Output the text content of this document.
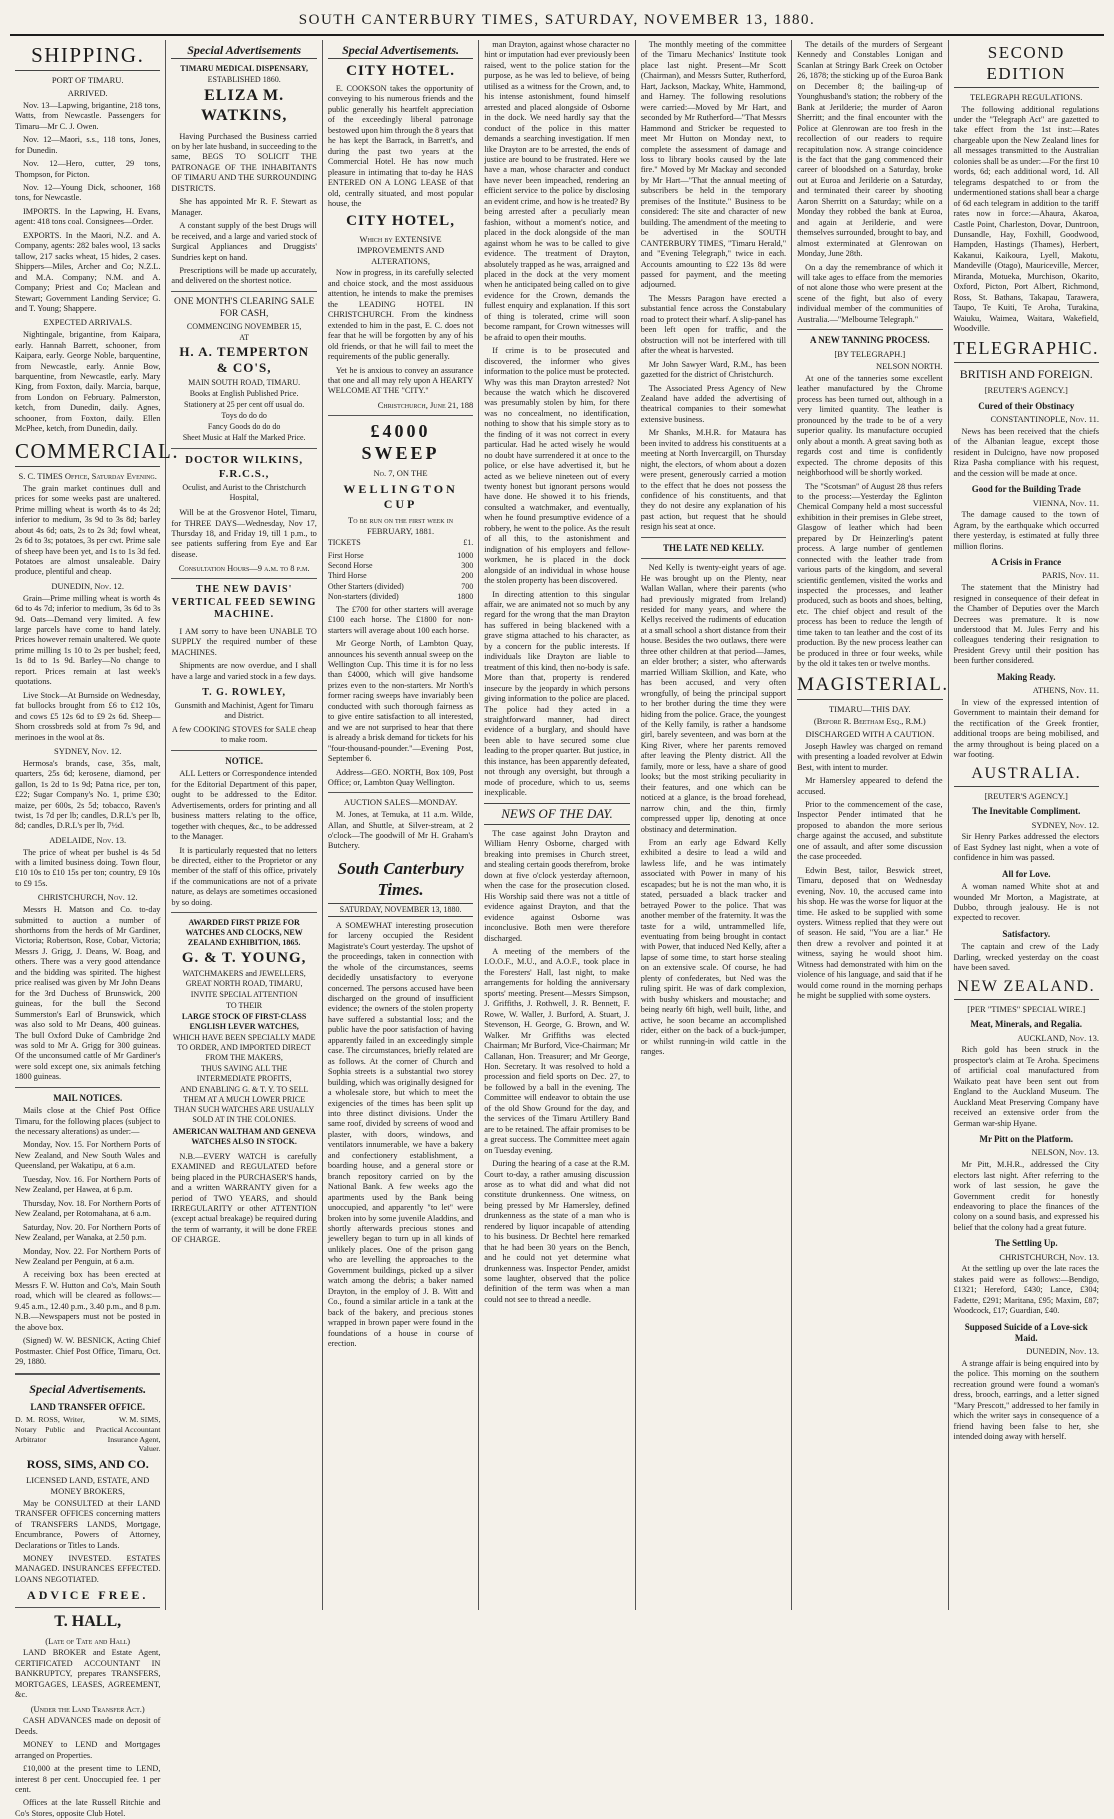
SOUTH CANTERBURY TIMES, SATURDAY, NOVEMBER 13, 1880.
SHIPPING.
PORT OF TIMARU.
ARRIVED.

Nov. 13—Lapwing, brigantine, 218 tons, Watts, from Newcastle. Passengers for Timaru—Mr C. J. Owen.

Nov. 12—Maori, s.s., 118 tons, Jones, for Dunedin.

Nov. 12—Hero, cutter, 29 tons, Thompson, for Picton.

Nov. 12—Young Dick, schooner, 168 tons, for Newcastle.

IMPORTS. In the Lapwing, H. Evans, agent: 418 tons coal. Consignees—Order.

EXPORTS. In the Maori, N.Z. and A. Company, agents: 282 bales wool, 13 sacks tallow, 217 sacks wheat, 15 hides, 2 cases. Shippers—Miles, Archer and Co; N.Z.L. and M.A. Company; N.M. and A. Company; Priest and Co; Maclean and Stewart; Government Landing Service; G. and T. Young; Shappere.

EXPECTED ARRIVALS.

Nightingale, brigantine, from Kaipara, early. Hannah Barrett, schooner, from Kaipara, early. George Noble, barquentine, from Newcastle, early. Annie Bow, barquentine, from Newcastle, early. Mary King, from Foxton, daily. Marcia, barque, from London on February. Palmerston, ketch, from Dunedin, daily. Agnes, schooner, from Foxton, daily. Ellen McPhee, ketch, from Dunedin, daily.

COMMERCIAL.
S. C. TIMES Office, Saturday Evening.

The grain market continues dull and prices for some weeks past are unaltered. Prime milling wheat is worth 4s to 4s 2d; inferior to medium, 3s 9d to 3s 8d; barley about 4s 6d; oats, 2s to 2s 3d; fowl wheat, 2s 6d to 3s; potatoes, 3s per cwt. Prime sale of sheep have been yet, and 1s to 1s 3d fed. Potatoes are almost unsaleable. Dairy produce, plentiful and cheap.

DUNEDIN, Nov. 12.

Grain—Prime milling wheat is worth 4s 6d to 4s 7d; inferior to medium, 3s 6d to 3s 9d. Oats—Demand very limited. A few large parcels have come to hand lately. Prices however remain unaltered. We quote prime milling 1s 10 to 2s per bushel; feed, 1s 8d to 1s 9d. Barley—No change to report. Prices remain at last week's quotations.

Live Stock—At Burnside on Wednesday, fat bullocks brought from £6 to £12 10s, and cows £5 12s 6d to £9 2s 6d. Sheep—Shorn crossbreds sold at from 7s 9d, and merinoes in the wool at 8s.

SYDNEY, Nov. 12.

Hermosa's brands, case, 35s, malt, quarters, 25s 6d; kerosene, diamond, per gallon, 1s 2d to 1s 9d; Patna rice, per ton, £22; Sugar Company's No. 1, prime £30; maize, per 600s, 2s 5d; tobacco, Raven's twist, 1s 7d per lb; candles, D.R.L's per lb, 8d; candles, D.R.L's per lb, 7½d.

ADELAIDE, Nov. 13.

The price of wheat per bushel is 4s 5d with a limited business doing. Town flour, £10 10s to £10 15s per ton; country, £9 10s to £9 15s.

CHRISTCHURCH, Nov. 12.

Messrs H. Matson and Co. to-day submitted to auction a number of shorthorns from the herds of Mr Gardiner, Victoria; Robertson, Rose, Cobar, Victoria; Messrs J. Grigg, J. Deans, W. Boag, and others. There was a very good attendance and the bidding was spirited. The highest price realised was given by Mr John Deans for the 3rd Duchess of Brunswick, 200 guineas, for the bull the Second Summerston's Earl of Brunswick, which was also sold to Mr Deans, 400 guineas. The bull Oxford Duke of Cambridge 2nd was sold to Mr A. Grigg for 300 guineas. Of the unconsumed cattle of Mr Gardiner's were sold except one, six animals fetching 1800 guineas.

MAIL NOTICES.

Mails close at the Chief Post Office Timaru, for the following places (subject to the necessary alterations) as under:—

Monday, Nov. 15. For Northern Ports of New Zealand, and New South Wales and Queensland, per Wakatipu, at 6 a.m.

Tuesday, Nov. 16. For Northern Ports of New Zealand, per Hawea, at 6 p.m.

Thursday, Nov. 18. For Northern Ports of New Zealand, per Rotomahana, at 6 a.m.

Saturday, Nov. 20. For Northern Ports of New Zealand, per Wanaka, at 2.50 p.m.

Monday, Nov. 22. For Northern Ports of New Zealand per Penguin, at 6 a.m.

A receiving box has been erected at Messrs F. W. Hutton and Co's, Main South road, which will be cleared as follows:—9.45 a.m., 12.40 p.m., 3.40 p.m., and 8 p.m. N.B.—Newspapers must not be posted in the above box.

(Signed) W. W. BESNICK, Acting Chief Postmaster. Chief Post Office, Timaru, Oct. 29, 1880.

Special Advertisements.
LAND TRANSFER OFFICE.
D. M. ROSS, Writer, Notary Public and Arbitrator
W. M. SIMS, Practical Accountant Insurance Agent, Valuer.
ROSS, SIMS, AND CO.
LICENSED LAND, ESTATE, AND MONEY BROKERS,

May be CONSULTED at their LAND TRANSFER OFFICES concerning matters of TRANSFERS LANDS, Mortgage, Encumbrance, Powers of Attorney, Declarations or Titles to Lands.

MONEY INVESTED. ESTATES MANAGED. INSURANCES EFFECTED. LOANS NEGOTIATED.

ADVICE FREE.
T. HALL,
(Late of Tate and Hall)

LAND BROKER and Estate Agent, CERTIFICATED ACCOUNTANT IN BANKRUPTCY, prepares TRANSFERS, MORTGAGES, LEASES, AGREEMENT, &c.

(Under the Land Transfer Act.)

CASH ADVANCES made on deposit of Deeds.

MONEY to LEND and Mortgages arranged on Properties.

£10,000 at the present time to LEND, interest 8 per cent. Unoccupied fee. 1 per cent.

Offices at the late Russell Ritchie and Co's Stores, opposite Club Hotel.

Special Advertisements
TIMARU MEDICAL DISPENSARY,
ESTABLISHED 1860.
ELIZA M. WATKINS,

Having Purchased the Business carried on by her late husband, in succeeding to the same, BEGS TO SOLICIT THE PATRONAGE OF THE INHABITANTS OF TIMARU AND THE SURROUNDING DISTRICTS.

She has appointed Mr R. F. Stewart as Manager.

A constant supply of the best Drugs will be received, and a large and varied stock of Surgical Appliances and Druggists' Sundries kept on hand.

Prescriptions will be made up accurately, and delivered on the shortest notice.

ONE MONTH'S CLEARING SALE FOR CASH,
COMMENCING NOVEMBER 15,
AT
H. A. TEMPERTON & CO'S,
MAIN SOUTH ROAD, TIMARU.
Books at English Published Price.
Stationery at 25 per cent off usual do.
Toys do do do
Fancy Goods do do do
Sheet Music at Half the Marked Price.
DOCTOR WILKINS, F.R.C.S.,
Oculist, and Aurist to the Christchurch Hospital,

Will be at the Grosvenor Hotel, Timaru, for THREE DAYS—Wednesday, Nov 17, Thursday 18, and Friday 19, till 1 p.m., to see patients suffering from Eye and Ear disease.

Consultation Hours—9 a.m. to 8 p.m.
THE NEW DAVIS' VERTICAL FEED SEWING MACHINE.

I AM sorry to have been UNABLE TO SUPPLY the required number of these MACHINES.

Shipments are now overdue, and I shall have a large and varied stock in a few days.

T. G. ROWLEY,
Gunsmith and Machinist, Agent for Timaru and District.
A few COOKING STOVES for SALE cheap to make room.
NOTICE.

ALL Letters or Correspondence intended for the Editorial Department of this paper, ought to be addressed to the Editor. Advertisements, orders for printing and all business matters relating to the office, together with cheques, &c., to be addressed to the Manager.

It is particularly requested that no letters be directed, either to the Proprietor or any member of the staff of this office, privately if the communications are not of a private nature, as delays are sometimes occasioned by so doing.

AWARDED FIRST PRIZE FOR WATCHES AND CLOCKS, NEW ZEALAND EXHIBITION, 1865.
G. & T. YOUNG,
WATCHMAKERS and JEWELLERS, GREAT NORTH ROAD, TIMARU, INVITE SPECIAL ATTENTION
TO THEIR
LARGE STOCK OF FIRST-CLASS ENGLISH LEVER WATCHES,
WHICH HAVE BEEN SPECIALLY MADE TO ORDER, AND IMPORTED DIRECT FROM THE MAKERS,
THUS SAVING ALL THE INTERMEDIATE PROFITS,
AND ENABLING G. & T. Y. TO SELL THEM AT A MUCH LOWER PRICE THAN SUCH WATCHES ARE USUALLY SOLD AT IN THE COLONIES.
AMERICAN WALTHAM AND GENEVA WATCHES ALSO IN STOCK.

N.B.—EVERY WATCH is carefully EXAMINED and REGULATED before being placed in the PURCHASER'S hands, and a written WARRANTY given for a period of TWO YEARS, and should IRREGULARITY or other ATTENTION (except actual breakage) be required during the term of warranty, it will be done FREE OF CHARGE.

Special Advertisements.
CITY HOTEL.

E. COOKSON takes the opportunity of conveying to his numerous friends and the public generally his heartfelt appreciation of the exceedingly liberal patronage bestowed upon him through the 8 years that he has kept the Barrack, in Barrett's, and during the past two years at the Commercial Hotel. He has now much pleasure in intimating that to-day he HAS ENTERED ON A LONG LEASE of that old, centrally situated, and most popular house, the

CITY HOTEL,
Which by EXTENSIVE IMPROVEMENTS AND ALTERATIONS,

Now in progress, in its carefully selected and choice stock, and the most assiduous attention, he intends to make the premises the LEADING HOTEL IN CHRISTCHURCH. From the kindness extended to him in the past, E. C. does not fear that he will be forgotten by any of his old friends, or that he will fail to meet the requirements of the public generally.

Yet he is anxious to convey an assurance that one and all may rely upon A HEARTY WELCOME AT THE "CITY."

Christchurch, June 21, 188
£4000 SWEEP
No. 7, ON THE
WELLINGTON CUP
To be run on the first week in FEBRUARY, 1881.
TICKETS	£1.
First Horse	1000
Second Horse	300
Third Horse	200
Other Starters (divided)	700
Non-starters (divided)	1800

The £700 for other starters will average £100 each horse. The £1800 for non-starters will average about 100 each horse.

Mr George North, of Lambton Quay, announces his seventh annual sweep on the Wellington Cup. This time it is for no less than £4000, which will give handsome prizes even to the non-starters. Mr North's former racing sweeps have invariably been conducted with such thorough fairness as to give entire satisfaction to all interested, and we are not surprised to hear that there is already a brisk demand for tickets for his "four-thousand-pounder."—Evening Post, September 6.

Address—GEO. NORTH, Box 109, Post Office; or, Lambton Quay Wellington.

AUCTION SALES—MONDAY.

M. Jones, at Temuka, at 11 a.m. Wilde, Allan, and Shuttle, at Silver-stream, at 2 o'clock—The goodwill of Mr H. Graham's Butchery.

South Canterbury Times.
SATURDAY, NOVEMBER 13, 1880.

A SOMEWHAT interesting prosecution for larceny occupied the Resident Magistrate's Court yesterday. The upshot of the proceedings, taken in connection with the whole of the circumstances, seems decidedly unsatisfactory to everyone concerned. The persons accused have been discharged on the ground of insufficient evidence; the owners of the stolen property have suffered a substantial loss; and the public have the poor satisfaction of having apparently failed in an exceedingly simple case. The circumstances, briefly related are as follows. At the corner of Church and Sophia streets is a substantial two storey building, which was originally designed for a wholesale store, but which to meet the exigencies of the times has been split up into three distinct divisions. Under the same roof, divided by screens of wood and plaster, with doors, windows, and ventilators innumerable, we have a bakery and confectionery establishment, a boarding house, and a general store or branch repository carried on by the National Bank. A few weeks ago the apartments used by the Bank being unoccupied, and apparently "to let" were broken into by some juvenile Aladdins, and shortly afterwards precious stones and jewellery began to turn up in all kinds of unlikely places. One of the prison gang who are levelling the approaches to the Government buildings, picked up a silver watch among the debris; a baker named Drayton, in the employ of J. B. Witt and Co., found a similar article in a tank at the back of the bakery, and precious stones wrapped in brown paper were found in the foundations of a house in course of erection.

man Drayton, against whose character no hint or imputation had ever previously been raised, went to the police station for the purpose, as he was led to believe, of being utilised as a witness for the Crown, and, to his intense astonishment, found himself arrested and placed alongside of Osborne in the dock. We need hardly say that the conduct of the police in this matter demands a searching investigation. If men like Drayton are to be arrested, the ends of justice are bound to be frustrated. Here we have a man, whose character and conduct have never been impeached, rendering an efficient service to the police by disclosing an evident crime, and how is he treated? By being arrested after a peculiarly mean fashion, without a moment's notice, and placed in the dock alongside of the man against whom he was to be called to give evidence. The treatment of Drayton, absolutely trapped as he was, arraigned and placed in the dock at the very moment when he anticipated being called on to give evidence for the Crown, demands the fullest enquiry and explanation. If this sort of thing is tolerated, crime will soon become rampant, for Crown witnesses will be afraid to open their mouths.

If crime is to be prosecuted and discovered, the informer who gives information to the police must be protected. Why was this man Drayton arrested? Not because the watch which he discovered was presumably stolen by him, for there was no concealment, no identification, nothing to show that his simple story as to the finding of it was not correct in every particular. Had he acted wisely he would no doubt have surrendered it at once to the police, or else have advertised it, but he acted as we believe nineteen out of every twenty honest but ignorant persons would have done. He showed it to his friends, consulted a watchmaker, and eventually, when he found presumptive evidence of a robbery, he went to the police. As the result of all this, to the astonishment and indignation of his employers and fellow-workmen, he is placed in the dock alongside of an individual in whose house the stolen property has been discovered.

In directing attention to this singular affair, we are animated not so much by any regard for the wrong that the man Drayton has suffered in being blackened with a grave stigma attached to his character, as by a concern for the public interests. If individuals like Drayton are liable to treatment of this kind, then no-body is safe. More than that, property is rendered insecure by the jeopardy in which persons giving information to the police are placed. The police had they acted in a straightforward manner, had direct evidence of a burglary, and should have been able to have secured some clue leading to the proper quarter. But justice, in this instance, has been apparently defeated, not through any oversight, but through a mode of procedure, which to us, seems inexplicable.

NEWS OF THE DAY.

The case against John Drayton and William Henry Osborne, charged with breaking into premises in Church street, and stealing certain goods therefrom, broke down at five o'clock yesterday afternoon, when the case for the prosecution closed. His Worship said there was not a tittle of evidence against Drayton, and that the evidence against Osborne was inconclusive. Both men were therefore discharged.

A meeting of the members of the I.O.O.F., M.U., and A.O.F., took place in the Foresters' Hall, last night, to make arrangements for holding the anniversary sports' meeting. Present—Messrs Simpson, J. Griffiths, J. Rothwell, J. R. Bennett, F. Rowe, W. Waller, J. Burford, A. Stuart, J. Stevenson, H. George, G. Brown, and W. Walker. Mr Griffiths was elected Chairman; Mr Burford, Vice-Chairman; Mr Callanan, Hon. Treasurer; and Mr George, Hon. Secretary. It was resolved to hold a procession and field sports on Dec. 27, to be followed by a ball in the evening. The Committee will endeavor to obtain the use of the old Show Ground for the day, and the services of the Timaru Artillery Band are to be retained. The affair promises to be a great success. The Committee meet again on Tuesday evening.

During the hearing of a case at the R.M. Court to-day, a rather amusing discussion arose as to what did and what did not constitute drunkenness. One witness, on being pressed by Mr Hamersley, defined drunkenness as the state of a man who is rendered by liquor incapable of attending to his business. Dr Bechtel here remarked that he had been 30 years on the Bench, and he could not yet determine what drunkenness was. Inspector Pender, amidst some laughter, observed that the police definition of the term was when a man could not see to thread a needle.

The monthly meeting of the committee of the Timaru Mechanics' Institute took place last night. Present—Mr Scott (Chairman), and Messrs Sutter, Rutherford, Hart, Jackson, Mackay, White, Hammond, and Harney. The following resolutions were carried:—Moved by Mr Hart, and seconded by Mr Rutherford—"That Messrs Hammond and Stricker be requested to meet Mr Hutton on Monday next, to complete the assessment of damage and loss to library books caused by the late fire." Moved by Mr Mackay and seconded by Mr Hart—"That the annual meeting of subscribers be held in the temporary premises of the Institute." Business to be considered: The site and character of new building. The amendment of the meeting to be advertised in the SOUTH CANTERBURY TIMES, "Timaru Herald," and "Evening Telegraph," twice in each. Accounts amounting to £22 13s 8d were passed for payment, and the meeting adjourned.

The Messrs Paragon have erected a substantial fence across the Constabulary road to protect their wharf. A slip-panel has been left open for traffic, and the obstruction will not be interfered with till after the wheat is harvested.

Mr John Sawyer Ward, R.M., has been gazetted for the district of Christchurch.

The Associated Press Agency of New Zealand have added the advertising of theatrical companies to their somewhat extensive business.

Mr Shanks, M.H.R. for Mataura has been invited to address his constituents at a meeting at North Invercargill, on Thursday night, the electors, of whom about a dozen were present, generously carried a motion to the effect that he does not possess the confidence of his constituents, and that they do not desire any explanation of his past action, but request that he should resign his seat at once.

THE LATE NED KELLY.

Ned Kelly is twenty-eight years of age. He was brought up on the Plenty, near Wallan Wallan, where their parents (who had previously migrated from Ireland) resided for many years, and where the Kellys received the rudiments of education at a small school a short distance from their house. Besides the two outlaws, there were three other children at that period—James, an elder brother; a sister, who afterwards married William Skillion, and Kate, who has been accused, and very often wrongfully, of being the principal support to her brother during the time they were hiding from the police. Grace, the youngest of the Kelly family, is rather a handsome girl, barely seventeen, and was born at the King River, where her parents removed after leaving the Plenty district. All the family, more or less, have a share of good looks; but the most striking peculiarity in their features, and one which can be noticed at a glance, is the broad forehead, narrow chin, and the thin, firmly compressed upper lip, denoting at once obstinacy and determination.

From an early age Edward Kelly exhibited a desire to lead a wild and lawless life, and he was intimately associated with Power in many of his escapades; but he is not the man who, it is stated, persuaded a black tracker and betrayed Power to the police. That was another member of the fraternity. It was the taste for a wild, untrammelled life, eventuating from being brought in contact with Power, that induced Ned Kelly, after a lapse of some time, to start horse stealing on an extensive scale. Of course, he had plenty of confederates, but Ned was the ruling spirit. He was of dark complexion, with bushy whiskers and moustache; and being nearly 6ft high, well built, lithe, and active, he soon became an accomplished rider, either on the back of a buck-jumper, or whilst running-in wild cattle in the ranges.

The details of the murders of Sergeant Kennedy and Constables Lonigan and Scanlan at Stringy Bark Creek on October 26, 1878; the sticking up of the Euroa Bank on December 8; the bailing-up of Younghusband's station; the robbery of the Bank at Jerilderie; the murder of Aaron Sherritt; and the final encounter with the Police at Glenrowan are too fresh in the recollection of our readers to require recapitulation now. A strange coincidence is the fact that the gang commenced their career of bloodshed on a Saturday, broke out at Euroa and Jerilderie on a Saturday, and terminated their career by shooting Aaron Sherritt on a Saturday; while on a Monday they robbed the bank at Euroa, and again at Jerilderie, and were themselves surrounded, brought to bay, and almost exterminated at Glenrowan on Monday, June 28th.

On a day the remembrance of which it will take ages to efface from the memories of not alone those who were present at the scene of the fight, but also of every individual member of the communities of Australia.—"Melbourne Telegraph."

A NEW TANNING PROCESS.
[BY TELEGRAPH.]
NELSON NORTH.

At one of the tanneries some excellent leather manufactured by the Chrome process has been turned out, although in a very limited quantity. The leather is pronounced by the trade to be of a very superior quality. Its manufacture occupied only about a month. A great saving both as regards cost and time is confidently expected. The chrome deposits of this neighborhood will be shortly worked.

The "Scotsman" of August 28 thus refers to the process:—Yesterday the Eglinton Chemical Company held a most successful exhibition in their premises in Glebe street, Glasgow of leather which had been prepared by Dr Heinzerling's patent process. A large number of gentlemen connected with the leather trade from various parts of the kingdom, and several scientific gentlemen, visited the works and inspected the processes, and leather produced, such as boots and shoes, belting, etc. The chief object and result of the process has been to reduce the length of time taken to tan leather and the cost of its production. By the new process leather can be produced in three or four weeks, while by the old it takes ten or twelve months.

MAGISTERIAL.
TIMARU—THIS DAY.
(Before R. Beetham Esq., R.M.)
DISCHARGED WITH A CAUTION.

Joseph Hawley was charged on remand with presenting a loaded revolver at Edwin Best, with intent to murder.

Mr Hamersley appeared to defend the accused.

Prior to the commencement of the case, Inspector Pender intimated that he proposed to abandon the more serious charge against the accused, and substitute one of assault, and after some discussion the case proceeded.

Edwin Best, tailor, Beswick street, Timaru, deposed that on Wednesday evening, Nov. 10, the accused came into his shop. He was the worse for liquor at the time. He asked to be supplied with some oysters. Witness replied that they were out of season. He said, "You are a liar." He then drew a revolver and pointed it at witness, saying he would shoot him. Witness had demonstrated with him on the violence of his language, and said that if he would come round in the morning perhaps he might be supplied with some oysters.

SECOND EDITION
TELEGRAPH REGULATIONS.

The following additional regulations under the "Telegraph Act" are gazetted to take effect from the 1st inst:—Rates chargeable upon the New Zealand lines for all messages transmitted to the Australian colonies shall be as under:—For the first 10 words, 6d; each additional word, 1d. All telegrams despatched to or from the undermentioned stations shall bear a charge of 6d each telegram in addition to the tariff rates now in force:—Ahaura, Akaroa, Castle Point, Charleston, Dovar, Duntroon, Dunsandle, Hay, Foxhill, Goodwood, Hampden, Hastings (Thames), Herbert, Kakanui, Kaikoura, Lyell, Makotu, Mandeville (Otago), Mauriceville, Mercer, Miranda, Motueka, Murchison, Okarito, Oxford, Picton, Port Albert, Richmond, Ross, St. Bathans, Takapau, Tarawera, Taupo, Te Kuiti, Te Aroha, Turakina, Waiuku, Waimea, Waitara, Wakefield, Woodville.

TELEGRAPHIC.
BRITISH AND FOREIGN.
[REUTER'S AGENCY.]
Cured of their Obstinacy
CONSTANTINOPLE, Nov. 11.

News has been received that the chiefs of the Albanian league, except those resident in Dulcigno, have now proposed Riza Pasha compliance with his request, and the cession will be made at once.

Good for the Building Trade
VIENNA, Nov. 11.

The damage caused to the town of Agram, by the earthquake which occurred there yesterday, is estimated at fully three million florins.

A Crisis in France
PARIS, Nov. 11.

The statement that the Ministry had resigned in consequence of their defeat in the Chamber of Deputies over the March Decrees was premature. It is now understood that M. Jules Ferry and his colleagues tendering their resignation to President Grevy until their position has been further considered.

Making Ready.
ATHENS, Nov. 11.

In view of the expressed intention of Government to maintain their demand for the rectification of the Greek frontier, additional troops are being mobilised, and the army throughout is being placed on a war footing.

AUSTRALIA.
[REUTER'S AGENCY.]
The Inevitable Compliment.
SYDNEY, Nov. 12.

Sir Henry Parkes addressed the electors of East Sydney last night, when a vote of confidence in him was passed.

All for Love.

A woman named White shot at and wounded Mr Morton, a Magistrate, at Dubbo, through jealousy. He is not expected to recover.

Satisfactory.

The captain and crew of the Lady Darling, wrecked yesterday on the coast have been saved.

NEW ZEALAND.
[PER "TIMES" SPECIAL WIRE.]
Meat, Minerals, and Regalia.
AUCKLAND, Nov. 13.

Rich gold has been struck in the prospector's claim at Te Aroha. Specimens of artificial coal manufactured from Waikato peat have been sent out from England to the Auckland Museum. The Auckland Meat Preserving Company have received an extensive order from the German war-ship Hyane.

Mr Pitt on the Platform.
NELSON, Nov. 13.

Mr Pitt, M.H.R., addressed the City electors last night. After referring to the work of last session, he gave the Government credit for honestly endeavoring to place the finances of the colony on a sound basis, and expressed his belief that the colony had a great future.

The Settling Up.
CHRISTCHURCH, Nov. 13.

At the settling up over the late races the stakes paid were as follows:—Bendigo, £1321; Hereford, £430; Lance, £304; Fadette, £291; Maritana, £95; Maxim, £87; Woodcock, £17; Guardian, £40.

Supposed Suicide of a Love-sick Maid.
DUNEDIN, Nov. 13.

A strange affair is being enquired into by the police. This morning on the southern recreation ground were found a woman's dress, brooch, earrings, and a letter signed "Mary Prescott," addressed to her family in which the writer says in consequence of a friend having been false to her, she intended doing away with herself.
